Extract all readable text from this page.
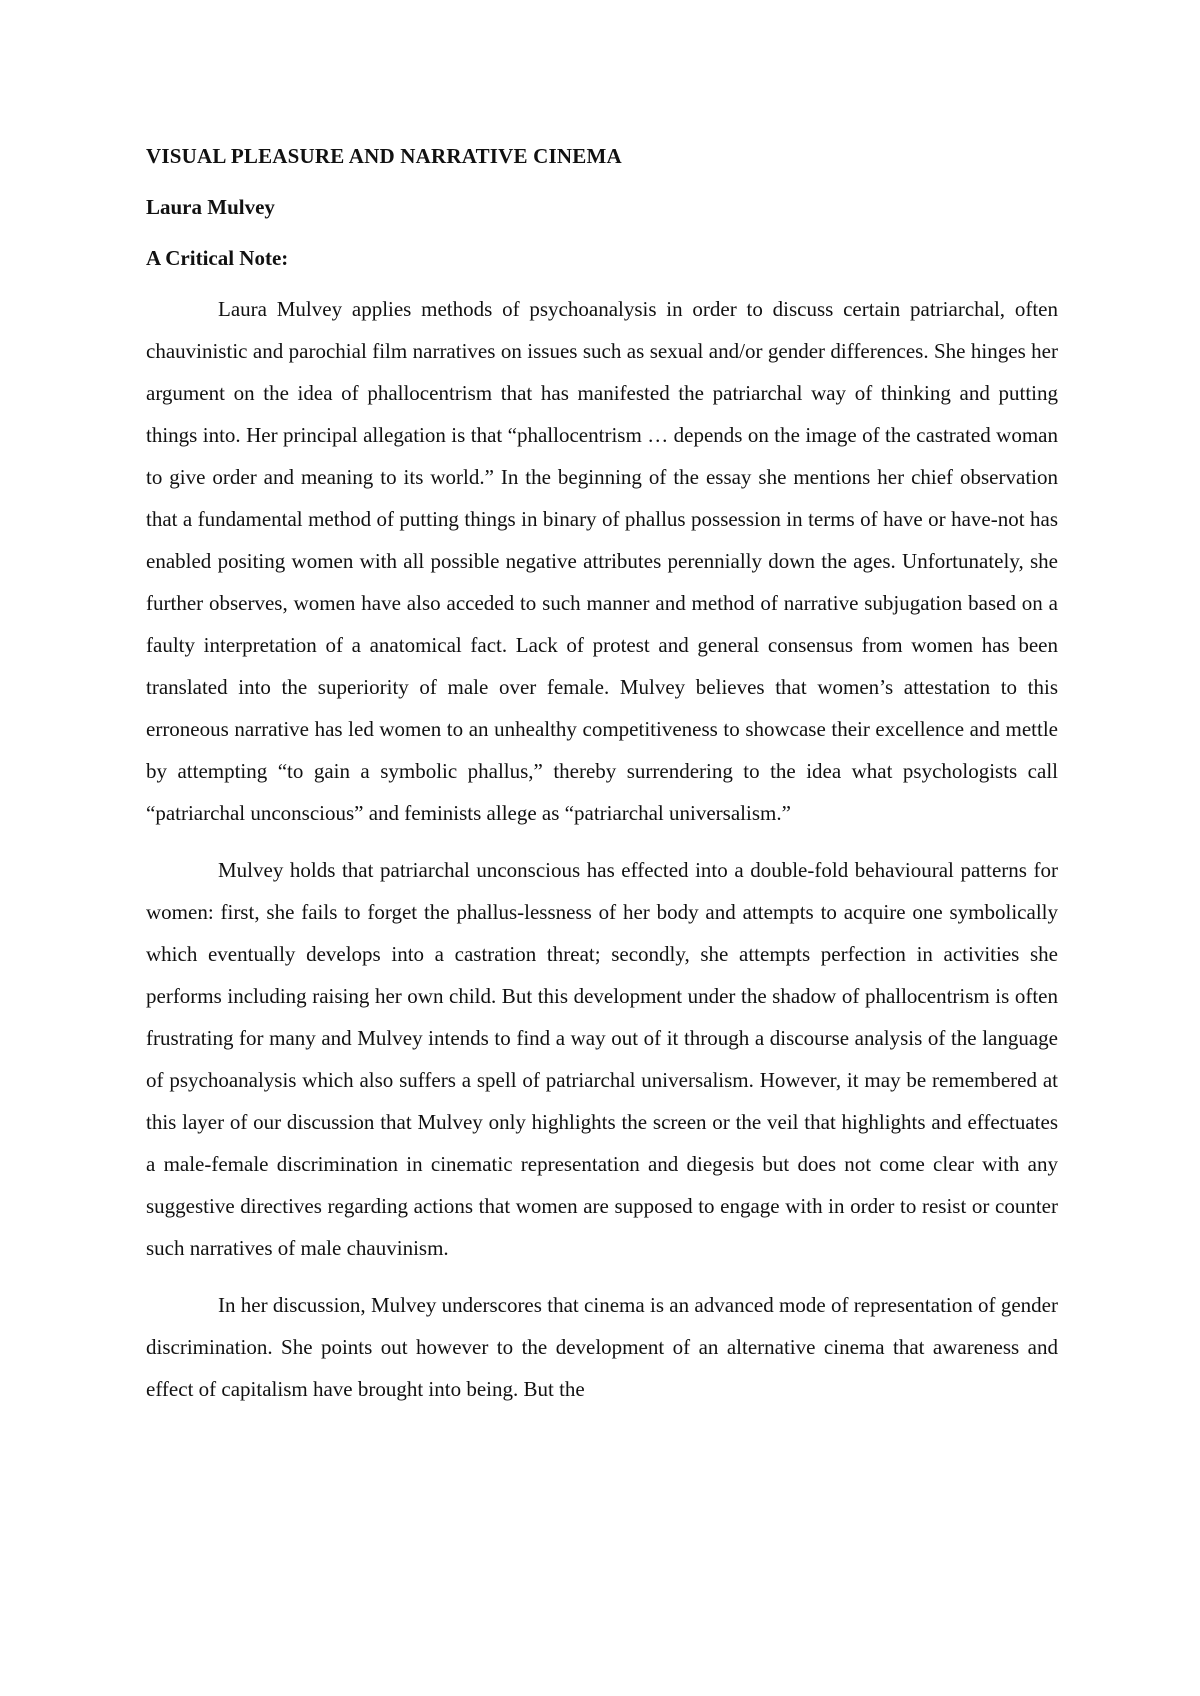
VISUAL PLEASURE AND NARRATIVE CINEMA

Laura Mulvey

A Critical Note:

Laura Mulvey applies methods of psychoanalysis in order to discuss certain patriarchal, often chauvinistic and parochial film narratives on issues such as sexual and/or gender differences. She hinges her argument on the idea of phallocentrism that has manifested the patriarchal way of thinking and putting things into. Her principal allegation is that “phallocentrism … depends on the image of the castrated woman to give order and meaning to its world.” In the beginning of the essay she mentions her chief observation that a fundamental method of putting things in binary of phallus possession in terms of have or have-not has enabled positing women with all possible negative attributes perennially down the ages. Unfortunately, she further observes, women have also acceded to such manner and method of narrative subjugation based on a faulty interpretation of a anatomical fact. Lack of protest and general consensus from women has been translated into the superiority of male over female. Mulvey believes that women’s attestation to this erroneous narrative has led women to an unhealthy competitiveness to showcase their excellence and mettle by attempting “to gain a symbolic phallus,” thereby surrendering to the idea what psychologists call “patriarchal unconscious” and feminists allege as “patriarchal universalism.”

Mulvey holds that patriarchal unconscious has effected into a double-fold behavioural patterns for women: first, she fails to forget the phallus-lessness of her body and attempts to acquire one symbolically which eventually develops into a castration threat; secondly, she attempts perfection in activities she performs including raising her own child. But this development under the shadow of phallocentrism is often frustrating for many and Mulvey intends to find a way out of it through a discourse analysis of the language of psychoanalysis which also suffers a spell of patriarchal universalism. However, it may be remembered at this layer of our discussion that Mulvey only highlights the screen or the veil that highlights and effectuates a male-female discrimination in cinematic representation and diegesis but does not come clear with any suggestive directives regarding actions that women are supposed to engage with in order to resist or counter such narratives of male chauvinism.

In her discussion, Mulvey underscores that cinema is an advanced mode of representation of gender discrimination. She points out however to the development of an alternative cinema that awareness and effect of capitalism have brought into being. But the
